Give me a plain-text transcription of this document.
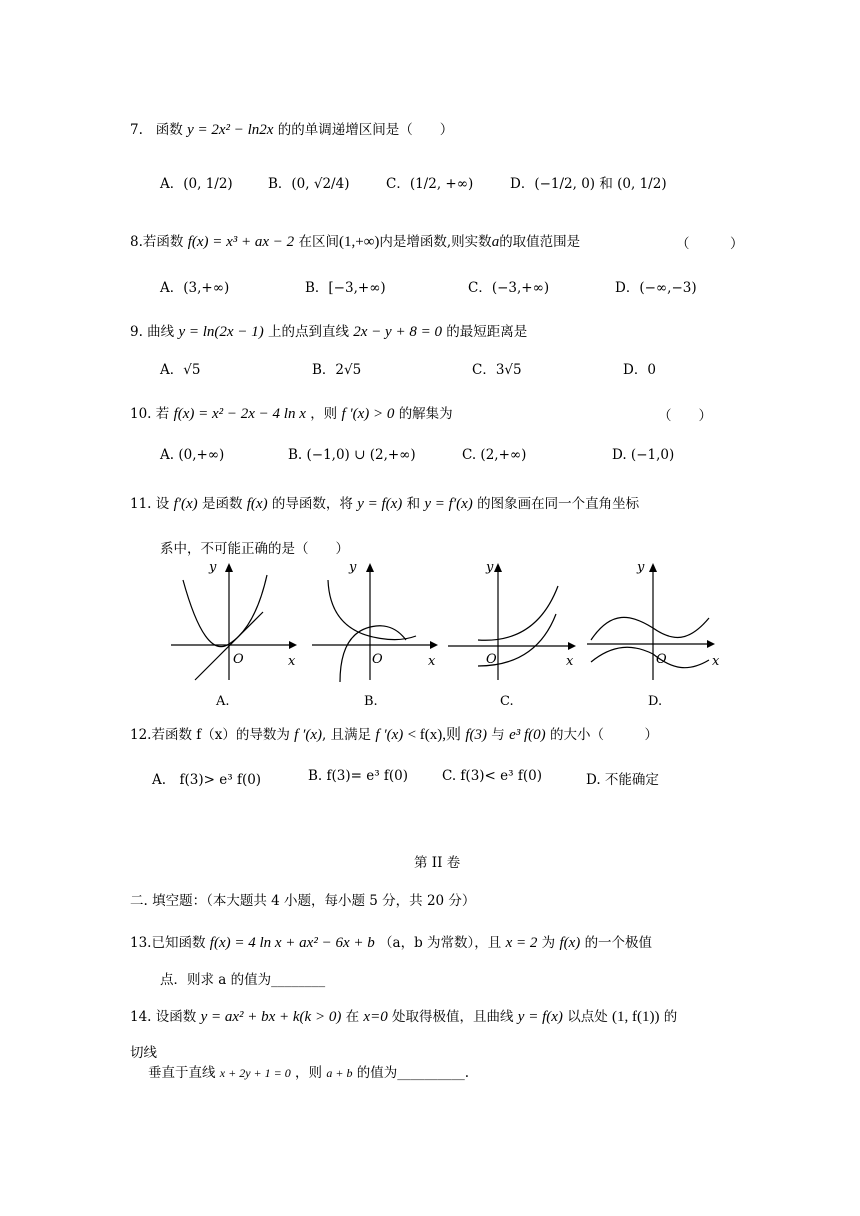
7. 函数 y = 2x² − ln2x 的的单调递增区间是（　　）
A．(0, 1/2)	B．(0, √2/4)	C．(1/2, +∞)	D．(−1/2, 0) 和 (0, 1/2)
8.若函数 f(x) = x³ + ax − 2 在区间(1,+∞)内是增函数,则实数a的取值范围是	（　　　）
A．(3,+∞)	B．[−3,+∞)	C．(−3,+∞)	D．(−∞,−3)
9. 曲线 y = ln(2x − 1) 上的点到直线 2x − y + 8 = 0 的最短距离是
A．√5	B．2√5	C．3√5	D．0
10. 若 f(x) = x² − 2x − 4 ln x ，则 f '(x) > 0 的解集为	（　　）
A. (0,+∞)	B. (−1,0) ∪ (2,+∞)	C. (2,+∞)	D. (−1,0)
11. 设 f′(x) 是函数 f(x) 的导函数，将 y = f(x) 和 y = f′(x) 的图象画在同一个直角坐标
系中，不可能正确的是（　　）
y
O	x
A.
y
O	x
B.
y
O	x
C.
y
O	x
D.
12.若函数 f（x）的导数为 f ′(x), 且满足 f ′(x) < f(x),则 f(3) 与 e³ f(0) 的大小（　　　）
A.　f(3)> e³ f(0)	B. f(3)= e³ f(0)	C. f(3)< e³ f(0)	D. 不能确定
第 II 卷
二. 填空题：（本大题共 4 小题，每小题 5 分，共 20 分）
13.已知函数 f(x) = 4 ln x + ax² − 6x + b （a，b 为常数），且 x = 2 为 f(x) 的一个极值
点．则求 a 的值为________
14. 设函数 y = ax² + bx + k(k > 0) 在 x=0 处取得极值，且曲线 y = f(x) 以点处 (1, f(1)) 的
切线
垂直于直线 x + 2y + 1 = 0 ，则 a + b 的值为__________.
